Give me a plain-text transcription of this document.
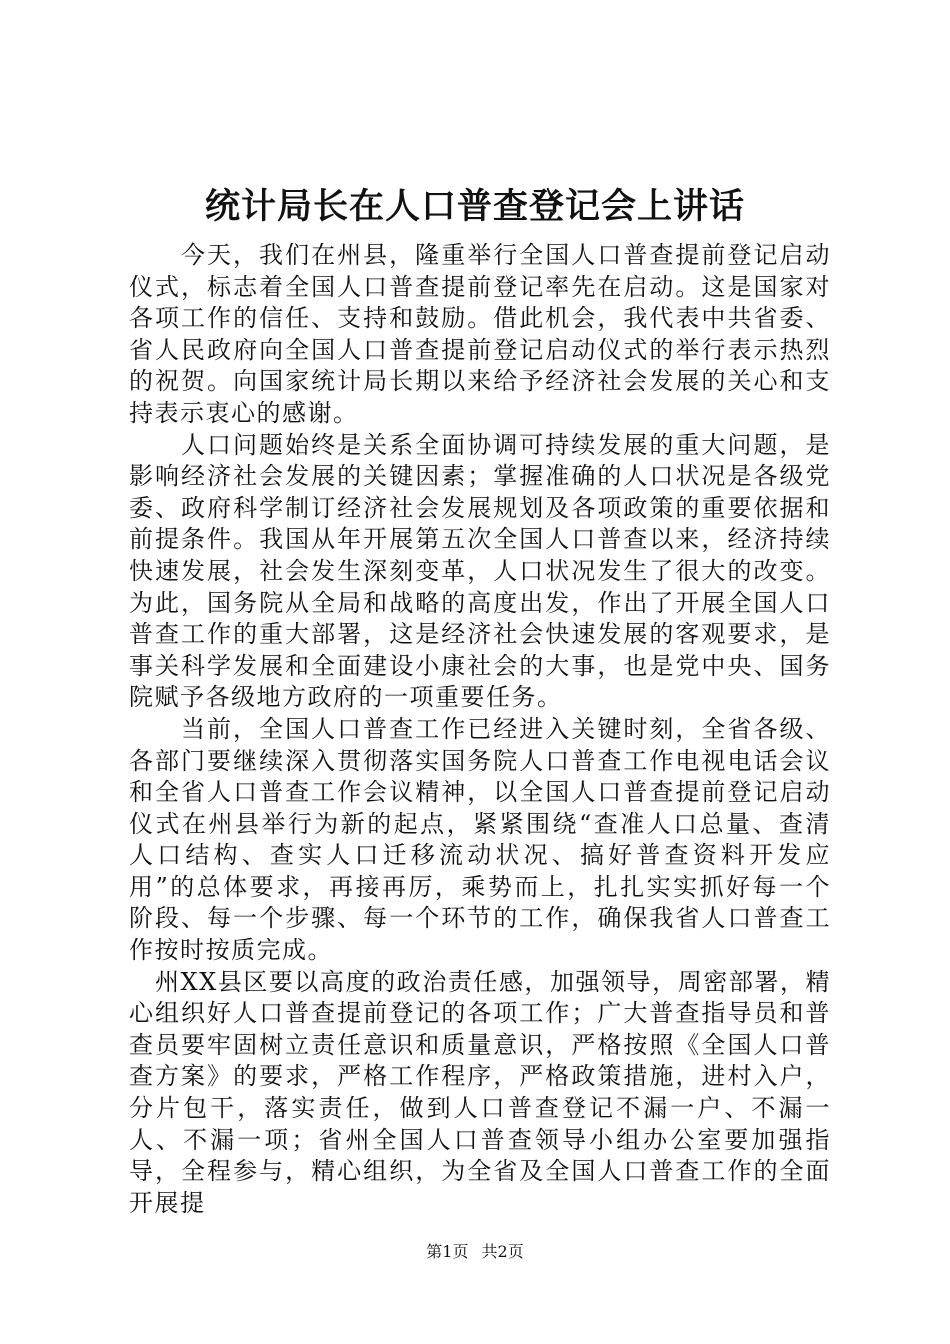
统计局长在人口普查登记会上讲话

今天，我们在州县，隆重举行全国人口普查提前登记启动仪式，标志着全国人口普查提前登记率先在启动。这是国家对各项工作的信任、支持和鼓励。借此机会，我代表中共省委、省人民政府向全国人口普查提前登记启动仪式的举行表示热烈的祝贺。向国家统计局长期以来给予经济社会发展的关心和支持表示衷心的感谢。

人口问题始终是关系全面协调可持续发展的重大问题，是影响经济社会发展的关键因素；掌握准确的人口状况是各级党委、政府科学制订经济社会发展规划及各项政策的重要依据和前提条件。我国从年开展第五次全国人口普查以来，经济持续快速发展，社会发生深刻变革，人口状况发生了很大的改变。为此，国务院从全局和战略的高度出发，作出了开展全国人口普查工作的重大部署，这是经济社会快速发展的客观要求，是事关科学发展和全面建设小康社会的大事，也是党中央、国务院赋予各级地方政府的一项重要任务。

当前，全国人口普查工作已经进入关键时刻，全省各级、各部门要继续深入贯彻落实国务院人口普查工作电视电话会议和全省人口普查工作会议精神，以全国人口普查提前登记启动仪式在州县举行为新的起点，紧紧围绕“查准人口总量、查清人口结构、查实人口迁移流动状况、搞好普查资料开发应用”的总体要求，再接再厉，乘势而上，扎扎实实抓好每一个阶段、每一个步骤、每一个环节的工作，确保我省人口普查工作按时按质完成。

州XX县区要以高度的政治责任感，加强领导，周密部署，精心组织好人口普查提前登记的各项工作；广大普查指导员和普查员要牢固树立责任意识和质量意识，严格按照《全国人口普查方案》的要求，严格工作程序，严格政策措施，进村入户，分片包干，落实责任，做到人口普查登记不漏一户、不漏一人、不漏一项；省州全国人口普查领导小组办公室要加强指导，全程参与，精心组织，为全省及全国人口普查工作的全面开展提

第1页 共2页
